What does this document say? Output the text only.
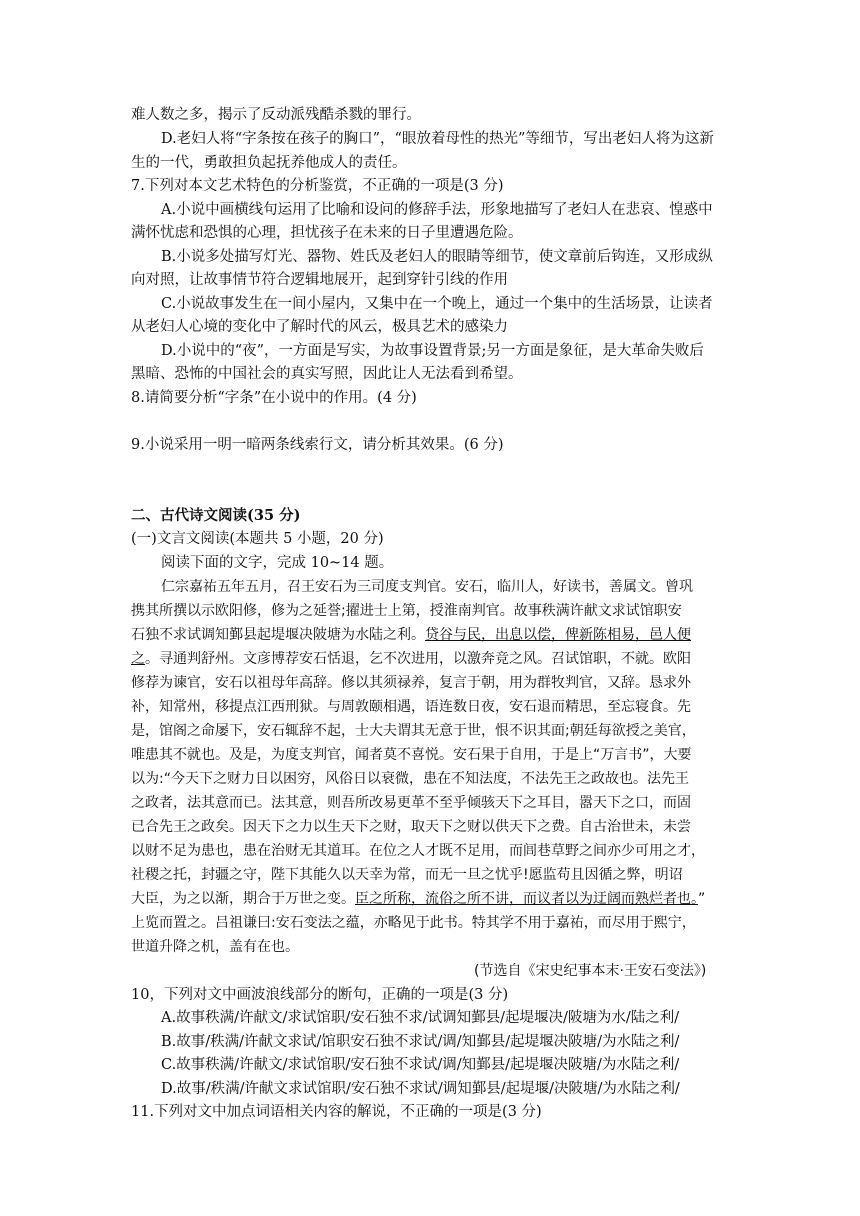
难人数之多，揭示了反动派残酷杀戮的罪行。
D.老妇人将“字条按在孩子的胸口”，“眼放着母性的热光”等细节，写出老妇人将为这新
生的一代，勇敢担负起抚养他成人的责任。
7.下列对本文艺术特色的分析鉴赏，不正确的一项是(3 分)
A.小说中画横线句运用了比喻和设问的修辞手法，形象地描写了老妇人在悲哀、惶惑中
满怀忧虑和恐惧的心理，担忧孩子在未来的日子里遭遇危险。
B.小说多处描写灯光、器物、姓氏及老妇人的眼睛等细节，使文章前后钩连，又形成纵
向对照，让故事情节符合逻辑地展开，起到穿针引线的作用
C.小说故事发生在一间小屋内，又集中在一个晚上，通过一个集中的生活场景，让读者
从老妇人心境的变化中了解时代的风云，极具艺术的感染力
D.小说中的“夜”，一方面是写实，为故事设置背景;另一方面是象征，是大革命失败后
黑暗、恐怖的中国社会的真实写照，因此让人无法看到希望。
8.请简要分析“字条”在小说中的作用。(4 分)
9.小说采用一明一暗两条线索行文，请分析其效果。(6 分)
二、古代诗文阅读(35 分)
(一)文言文阅读(本题共 5 小题，20 分)
阅读下面的文字，完成 10~14 题。
仁宗嘉祐五年五月，召王安石为三司度支判官。安石，临川人，好读书，善属文。曾巩
携其所撰以示欧阳修，修为之延誉;擢进士上第，授淮南判官。故事秩满许献文求试馆职安
石独不求试调知鄞县起堤堰决陂塘为水陆之利。贷谷与民，出息以偿，俾新陈相易，邑人便
之。寻通判舒州。文彦博荐安石恬退，乞不次进用，以激奔竞之风。召试馆职，不就。欧阳
修荐为谏官，安石以祖母年高辞。修以其须禄养，复言于朝，用为群牧判官，又辞。恳求外
补，知常州，移提点江西刑狱。与周敦颐相遇，语连数日夜，安石退而精思，至忘寝食。先
是，馆阁之命屡下，安石辄辞不起，士大夫谓其无意于世，恨不识其面;朝廷每欲授之美官，
唯患其不就也。及是，为度支判官，闻者莫不喜悦。安石果于自用，于是上“万言书”，大要
以为:“今天下之财力日以困穷，风俗日以衰微，患在不知法度，不法先王之政故也。法先王
之政者，法其意而已。法其意，则吾所改易更革不至乎倾骇天下之耳目，嚣天下之口，而固
已合先王之政矣。因天下之力以生天下之财，取天下之财以供天下之费。自古治世未，未尝
以财不足为患也，患在治财无其道耳。在位之人才既不足用，而闾巷草野之间亦少可用之才，
社稷之托，封疆之守，陛下其能久以天幸为常，而无一旦之忧乎!愿监苟且因循之弊，明诏
大臣，为之以渐，期合于万世之变。臣之所称，流俗之所不讲，而议者以为迂阔而熟烂者也。”
上览而置之。吕祖谦曰:安石变法之蕴，亦略见于此书。特其学不用于嘉祐，而尽用于熙宁，
世道升降之机，盖有在也。
(节选自《宋史纪事本末·王安石变法》)
10，下列对文中画波浪线部分的断句，正确的一项是(3 分)
A.故事秩满/许献文/求试馆职/安石独不求/试调知鄞县/起堤堰决/陂塘为水/陆之利/
B.故事/秩满/许献文求试/馆职安石独不求试/调/知鄞县/起堤堰决陂塘/为水陆之利/
C.故事秩满/许献文/求试馆职/安石独不求试/调/知鄞县/起堤堰决陂塘/为水陆之利/
D.故事/秩满/许献文求试馆职/安石独不求试/调知鄞县/起堤堰/决陂塘/为水陆之利/
11.下列对文中加点词语相关内容的解说，不正确的一项是(3 分)
